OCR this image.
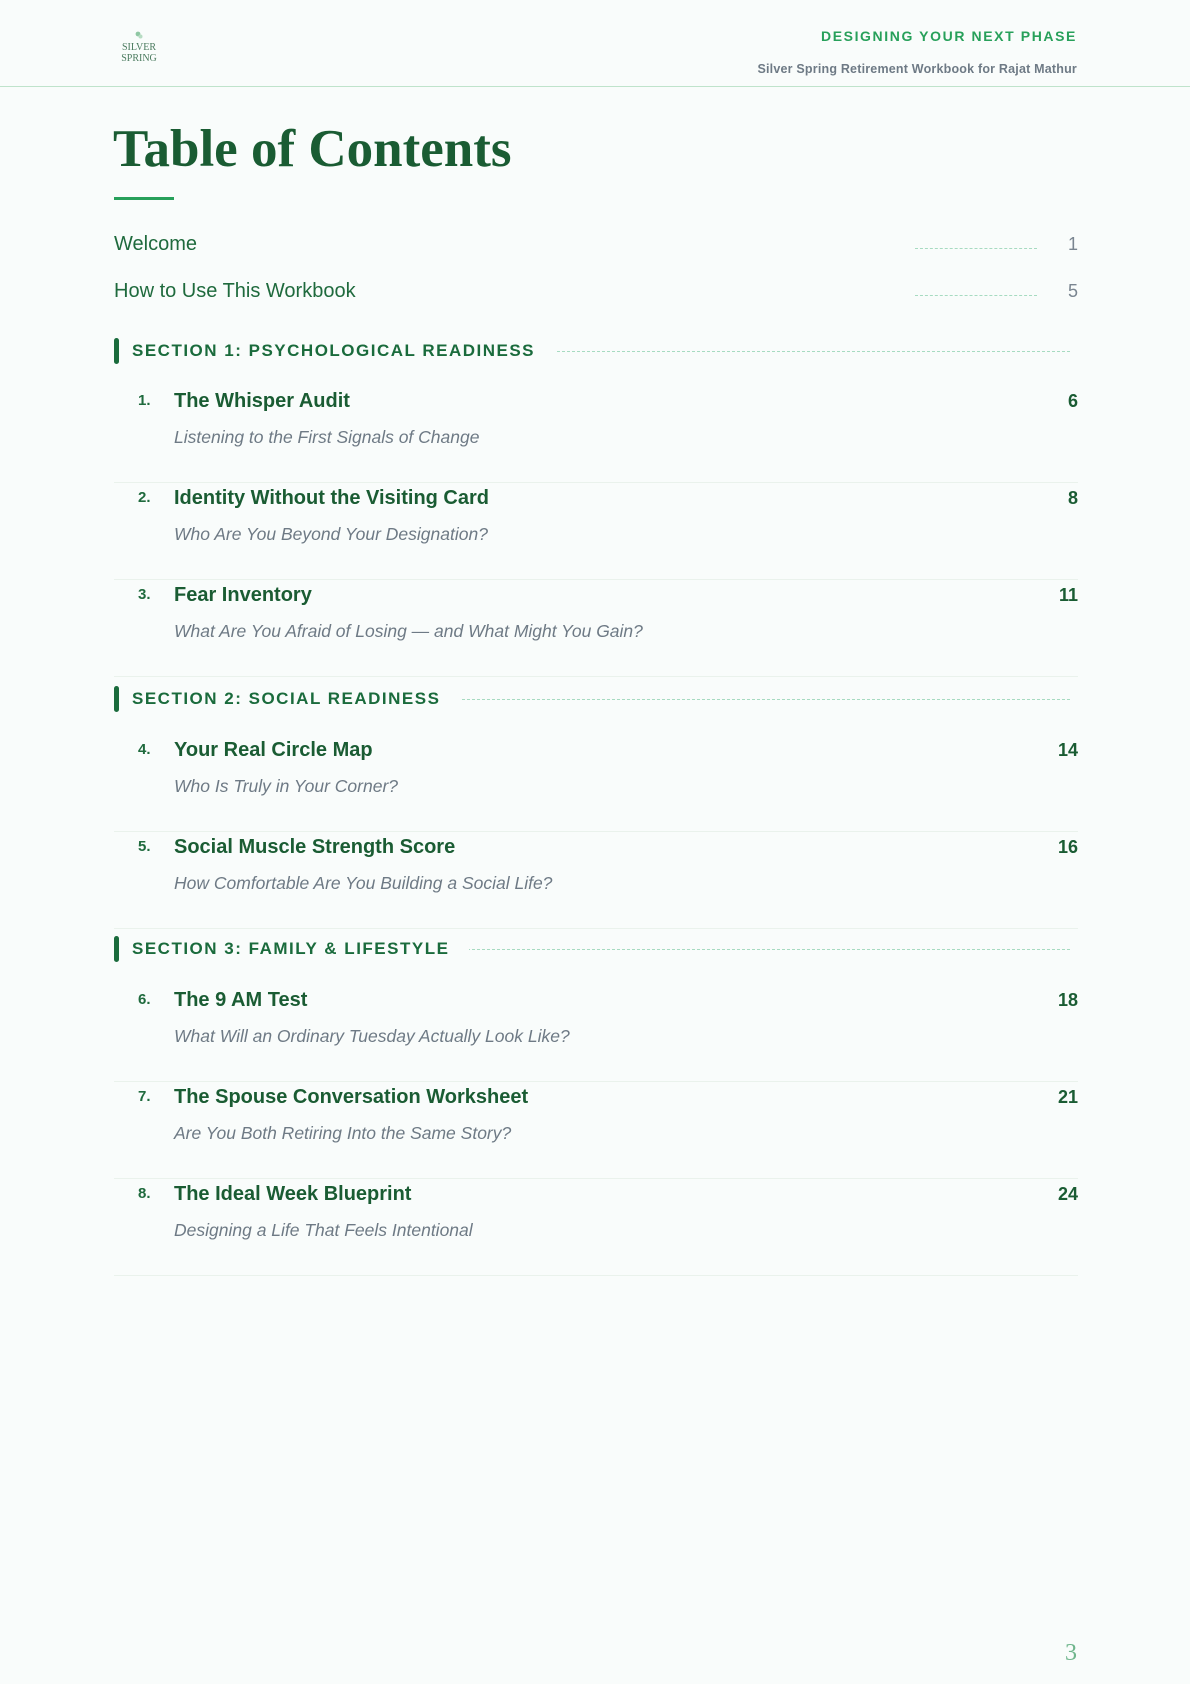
SILVER
SPRING
DESIGNING YOUR NEXT PHASE
Silver Spring Retirement Workbook for Rajat Mathur
Table of Contents
Welcome	1
How to Use This Workbook	5
SECTION 1: PSYCHOLOGICAL READINESS
1. The Whisper Audit	6
Listening to the First Signals of Change
2. Identity Without the Visiting Card	8
Who Are You Beyond Your Designation?
3. Fear Inventory	11
What Are You Afraid of Losing — and What Might You Gain?
SECTION 2: SOCIAL READINESS
4. Your Real Circle Map	14
Who Is Truly in Your Corner?
5. Social Muscle Strength Score	16
How Comfortable Are You Building a Social Life?
SECTION 3: FAMILY & LIFESTYLE
6. The 9 AM Test	18
What Will an Ordinary Tuesday Actually Look Like?
7. The Spouse Conversation Worksheet	21
Are You Both Retiring Into the Same Story?
8. The Ideal Week Blueprint	24
Designing a Life That Feels Intentional
3
